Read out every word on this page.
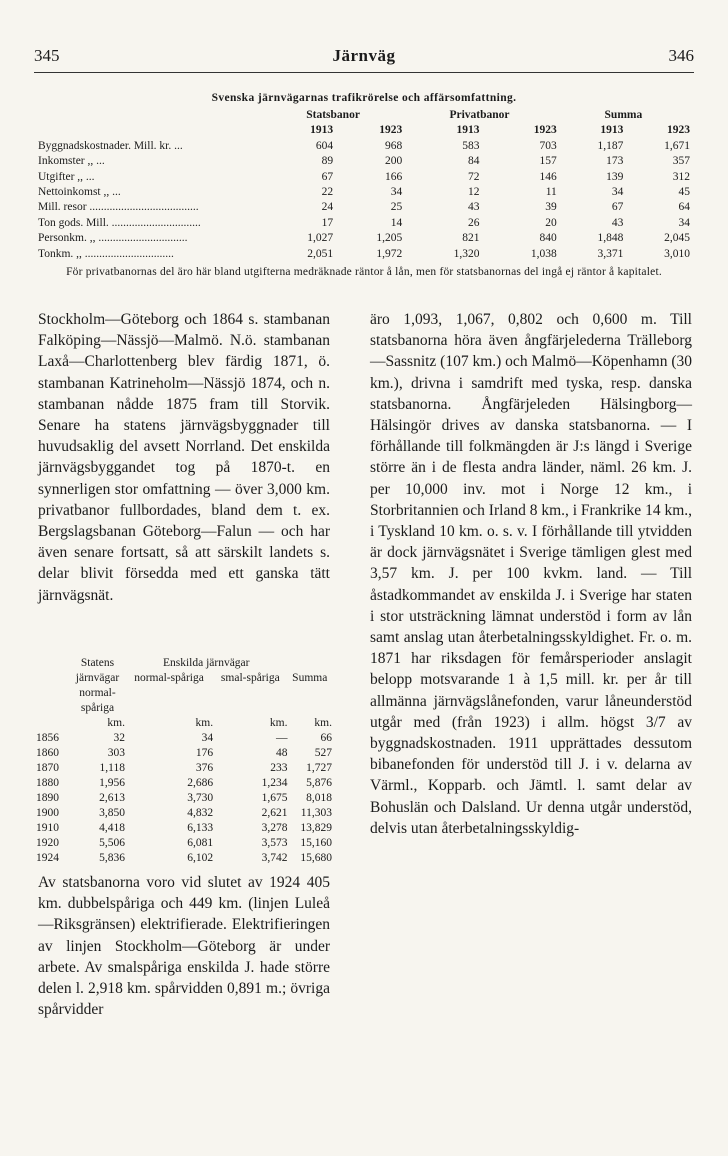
345	Järnväg	346
Svenska järnvägarnas trafikrörelse och affärsomfattning.
	Statsbanor		Privatbanor		Summa	
	1913	1923	1913	1923	1913	1923
Byggnadskostnader. Mill. kr. ...	604	968	583	703	1,187	1,671
Inkomster ,, ...	89	200	84	157	173	357
Utgifter ,, ...	67	166	72	146	139	312
Nettoinkomst ,, ...	22	34	12	11	34	45
Mill. resor ......................................	24	25	43	39	67	64
Ton gods. Mill. ...............................	17	14	26	20	43	34
Personkm. ,, ...............................	1,027	1,205	821	840	1,848	2,045
Tonkm. ,, ...............................	2,051	1,972	1,320	1,038	3,371	3,010
För privatbanornas del äro här bland utgifterna medräknade räntor å lån, men för statsbanornas del ingå ej räntor å kapitalet.
Stockholm—Göteborg och 1864 s. stambanan Falköping—Nässjö—Malmö. N.ö. stambanan Laxå—Charlottenberg blev färdig 1871, ö. stambanan Katrineholm—Nässjö 1874, och n. stambanan nådde 1875 fram till Storvik. Senare ha statens järnvägsbyggnader till huvudsaklig del avsett Norrland. Det enskilda järnvägsbyggandet tog på 1870-t. en synnerligen stor omfattning — över 3,000 km. privatbanor fullbordades, bland dem t. ex. Bergslagsbanan Göteborg—Falun — och har även senare fortsatt, så att särskilt landets s. delar blivit försedda med ett ganska tätt järnvägsnät.
	Statens	Enskilda järnvägar		
	järnvägar	normal-spåriga	smal-spåriga	Summa
	normal-			
	spåriga			
	km.	km.	km.	km.
1856	32	34	—	66
1860	303	176	48	527
1870	1,118	376	233	1,727
1880	1,956	2,686	1,234	5,876
1890	2,613	3,730	1,675	8,018
1900	3,850	4,832	2,621	11,303
1910	4,418	6,133	3,278	13,829
1920	5,506	6,081	3,573	15,160
1924	5,836	6,102	3,742	15,680
Av statsbanorna voro vid slutet av 1924 405 km. dubbelspåriga och 449 km. (linjen Luleå—Riksgränsen) elektrifierade. Elektrifieringen av linjen Stockholm—Göteborg är under arbete. Av smalspåriga enskilda J. hade större delen l. 2,918 km. spårvidden 0,891 m.; övriga spårvidder
äro 1,093, 1,067, 0,802 och 0,600 m. Till statsbanorna höra även ångfärjelederna Trälleborg—Sassnitz (107 km.) och Malmö—Köpenhamn (30 km.), drivna i samdrift med tyska, resp. danska statsbanorna. Ångfärjeleden Hälsingborg—Hälsingör drives av danska statsbanorna. — I förhållande till folkmängden är J:s längd i Sverige större än i de flesta andra länder, näml. 26 km. J. per 10,000 inv. mot i Norge 12 km., i Storbritannien och Irland 8 km., i Frankrike 14 km., i Tyskland 10 km. o. s. v. I förhållande till ytvidden är dock järnvägsnätet i Sverige tämligen glest med 3,57 km. J. per 100 kvkm. land. — Till åstadkommandet av enskilda J. i Sverige har staten i stor utsträckning lämnat understöd i form av lån samt anslag utan återbetalningsskyldighet. Fr. o. m. 1871 har riksdagen för femårsperioder anslagit belopp motsvarande 1 à 1,5 mill. kr. per år till allmänna järnvägslånefonden, varur låneunderstöd utgår med (från 1923) i allm. högst 3/7 av byggnadskostnaden. 1911 upprättades dessutom bibanefonden för understöd till J. i v. delarna av Värml., Kopparb. och Jämtl. l. samt delar av Bohuslän och Dalsland. Ur denna utgår understöd, delvis utan återbetalningsskyldig-
